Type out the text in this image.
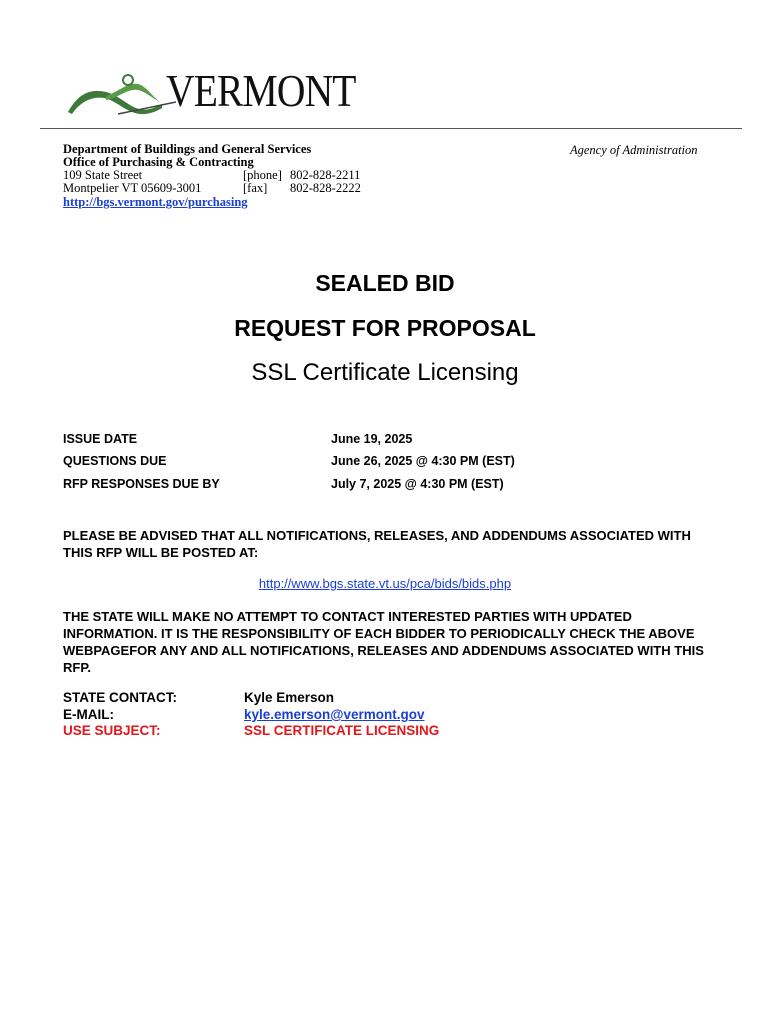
VERMONT
Department of Buildings and General Services
Office of Purchasing & Contracting
109 State Street
Montpelier VT 05609-3001
[phone] 802-828-2211
[fax] 802-828-2222
http://bgs.vermont.gov/purchasing
Agency of Administration
SEALED BID
REQUEST FOR PROPOSAL
SSL Certificate Licensing
ISSUE DATE	June 19, 2025
QUESTIONS DUE	June 26, 2025 @ 4:30 PM (EST)
RFP RESPONSES DUE BY	July 7, 2025 @ 4:30 PM (EST)
PLEASE BE ADVISED THAT ALL NOTIFICATIONS, RELEASES, AND ADDENDUMS ASSOCIATED WITH THIS RFP WILL BE POSTED AT:
http://www.bgs.state.vt.us/pca/bids/bids.php
THE STATE WILL MAKE NO ATTEMPT TO CONTACT INTERESTED PARTIES WITH UPDATED INFORMATION. IT IS THE RESPONSIBILITY OF EACH BIDDER TO PERIODICALLY CHECK THE ABOVE WEBPAGEFOR ANY AND ALL NOTIFICATIONS, RELEASES AND ADDENDUMS ASSOCIATED WITH THIS RFP.
STATE CONTACT:	Kyle Emerson
E-MAIL:	kyle.emerson@vermont.gov
USE SUBJECT:	SSL CERTIFICATE LICENSING
